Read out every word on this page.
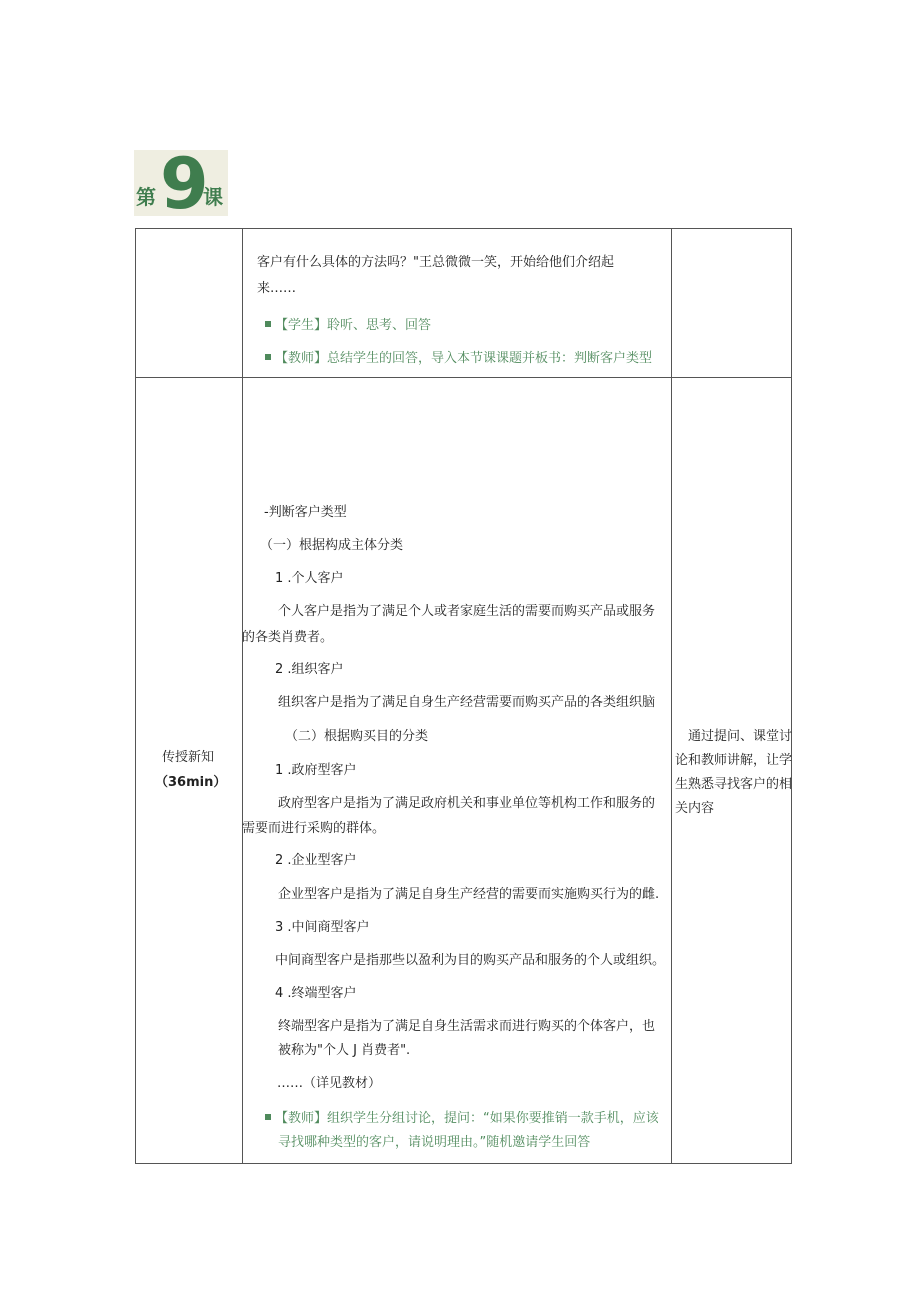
第 9
课
客户有什么具体的方法吗？"王总微微一笑，开始给他们介绍起
来……
【学生】聆听、思考、回答
【教师】总结学生的回答，导入本节课课题并板书：判断客户类型
传授新知
（36min）
-判断客户类型
（一）根据构成主体分类
1 .个人客户
个人客户是指为了满足个人或者家庭生活的需要而购买产品或服务
的各类肖费者。
2 .组织客户
组织客户是指为了满足自身生产经营需要而购买产品的各类组织脑
（二）根据购买目的分类
1 .政府型客户
政府型客户是指为了满足政府机关和事业单位等机构工作和服务的
需要而进行采购的群体。
2 .企业型客户
企业型客户是指为了满足自身生产经营的需要而实施购买行为的雌.
3 .中间商型客户
中间商型客户是指那些以盈利为目的购买产品和服务的个人或组织。
4 .终端型客户
终端型客户是指为了满足自身生活需求而进行购买的个体客户，也
被称为"个人 J 肖费者".
……（详见教材）
【教师】组织学生分组讨论，提问：“如果你要推销一款手机，应该
寻找哪种类型的客户，请说明理由。”随机邀请学生回答
通过提问、课堂讨
论和教师讲解，让学
生熟悉寻找客户的相
关内容
